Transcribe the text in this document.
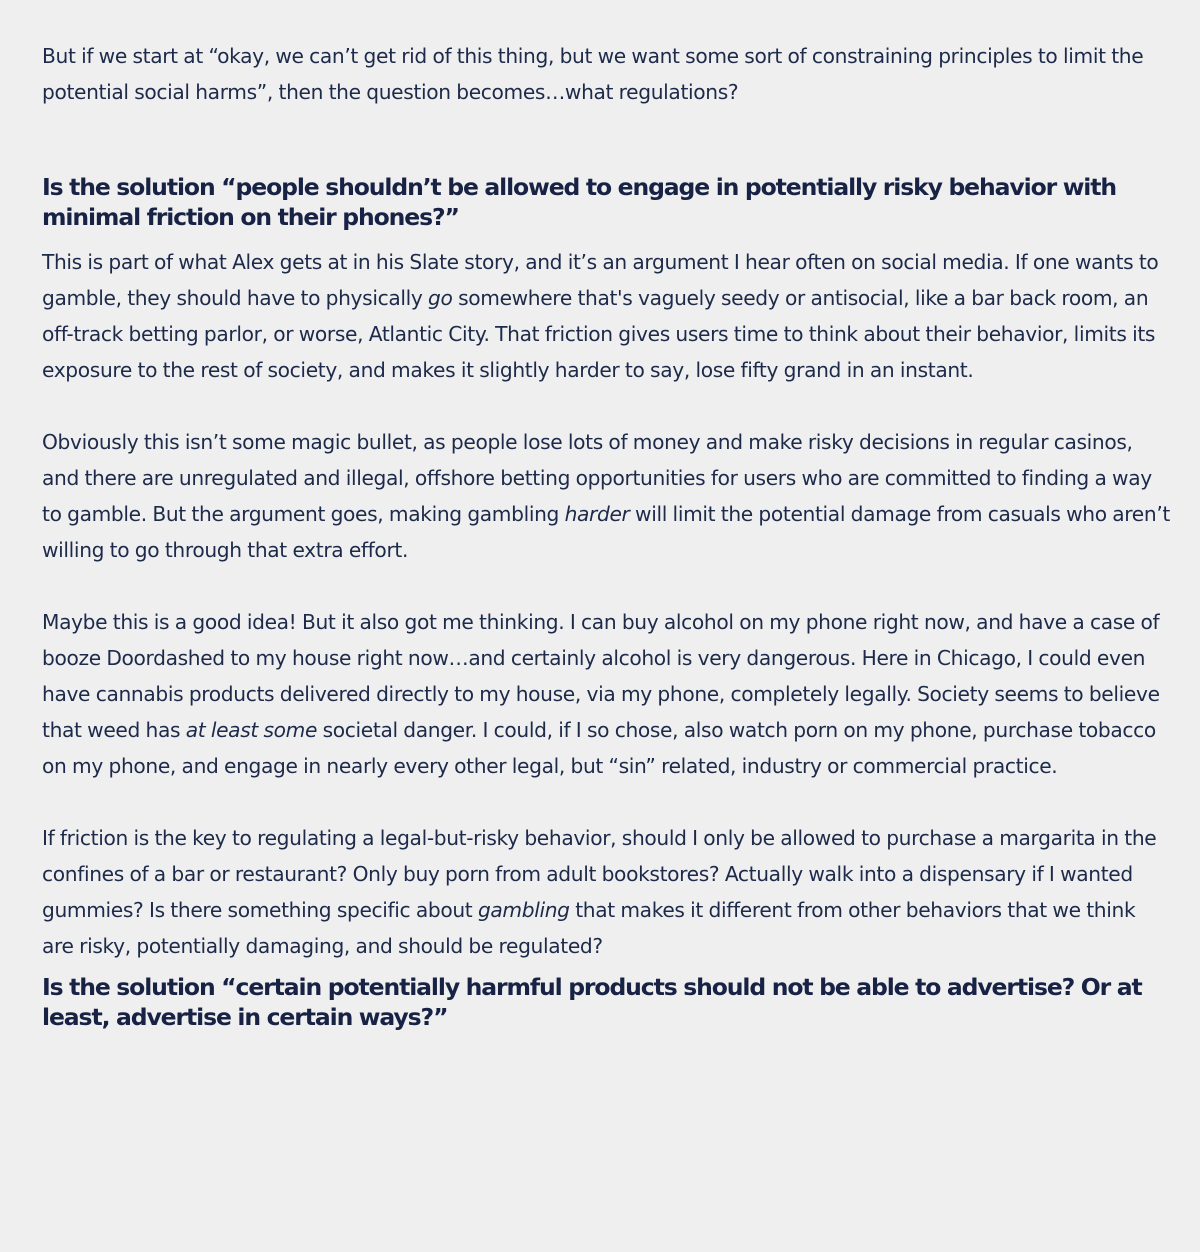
But if we start at “okay, we can’t get rid of this thing, but we want some sort of constraining principles to limit the potential social harms”, then the question becomes…what regulations?

Is the solution “people shouldn’t be allowed to engage in potentially risky behavior with minimal friction on their phones?”

This is part of what Alex gets at in his Slate story, and it’s an argument I hear often on social media. If one wants to gamble, they should have to physically go somewhere that's vaguely seedy or antisocial, like a bar back room, an off-track betting parlor, or worse, Atlantic City. That friction gives users time to think about their behavior, limits its exposure to the rest of society, and makes it slightly harder to say, lose fifty grand in an instant.

Obviously this isn’t some magic bullet, as people lose lots of money and make risky decisions in regular casinos, and there are unregulated and illegal, offshore betting opportunities for users who are committed to finding a way to gamble. But the argument goes, making gambling harder will limit the potential damage from casuals who aren’t willing to go through that extra effort.

Maybe this is a good idea! But it also got me thinking. I can buy alcohol on my phone right now, and have a case of booze Doordashed to my house right now…and certainly alcohol is very dangerous. Here in Chicago, I could even have cannabis products delivered directly to my house, via my phone, completely legally. Society seems to believe that weed has at least some societal danger. I could, if I so chose, also watch porn on my phone, purchase tobacco on my phone, and engage in nearly every other legal, but “sin” related, industry or commercial practice.

If friction is the key to regulating a legal-but-risky behavior, should I only be allowed to purchase a margarita in the confines of a bar or restaurant? Only buy porn from adult bookstores? Actually walk into a dispensary if I wanted gummies? Is there something specific about gambling that makes it different from other behaviors that we think are risky, potentially damaging, and should be regulated?

Is the solution “certain potentially harmful products should not be able to advertise? Or at least, advertise in certain ways?”
